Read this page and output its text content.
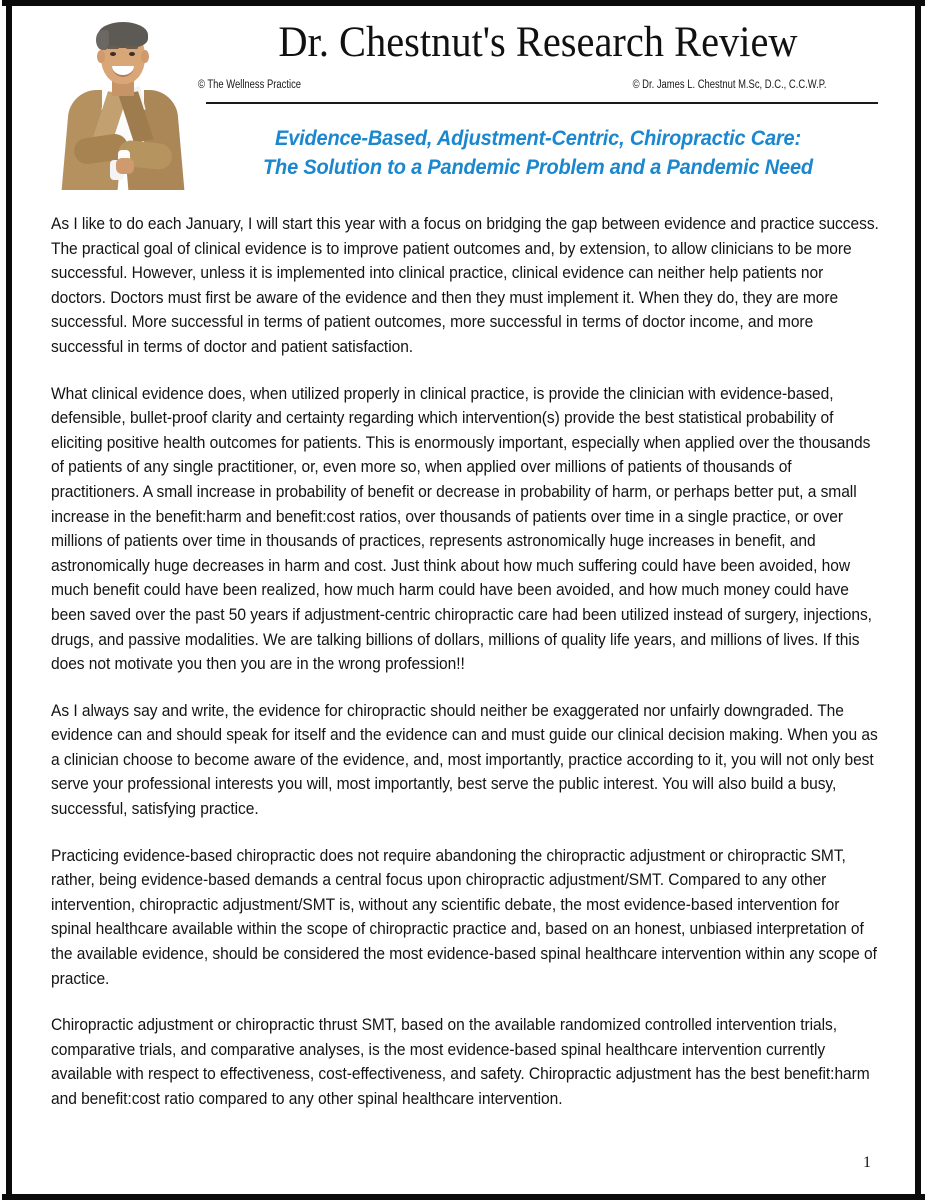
Dr. Chestnut's Research Review
© The Wellness Practice	© Dr. James L. Chestnut M.Sc, D.C., C.C.W.P.
Evidence-Based, Adjustment-Centric, Chiropractic Care:
The Solution to a Pandemic Problem and a Pandemic Need

As I like to do each January, I will start this year with a focus on bridging the gap between evidence and practice success. The practical goal of clinical evidence is to improve patient outcomes and, by extension, to allow clinicians to be more successful. However, unless it is implemented into clinical practice, clinical evidence can neither help patients nor doctors. Doctors must first be aware of the evidence and then they must implement it. When they do, they are more successful. More successful in terms of patient outcomes, more successful in terms of doctor income, and more successful in terms of doctor and patient satisfaction.

What clinical evidence does, when utilized properly in clinical practice, is provide the clinician with evidence-based, defensible, bullet-proof clarity and certainty regarding which intervention(s) provide the best statistical probability of eliciting positive health outcomes for patients. This is enormously important, especially when applied over the thousands of patients of any single practitioner, or, even more so, when applied over millions of patients of thousands of practitioners. A small increase in probability of benefit or decrease in probability of harm, or perhaps better put, a small increase in the benefit:harm and benefit:cost ratios, over thousands of patients over time in a single practice, or over millions of patients over time in thousands of practices, represents astronomically huge increases in benefit, and astronomically huge decreases in harm and cost. Just think about how much suffering could have been avoided, how much benefit could have been realized, how much harm could have been avoided, and how much money could have been saved over the past 50 years if adjustment-centric chiropractic care had been utilized instead of surgery, injections, drugs, and passive modalities. We are talking billions of dollars, millions of quality life years, and millions of lives. If this does not motivate you then you are in the wrong profession!!

As I always say and write, the evidence for chiropractic should neither be exaggerated nor unfairly downgraded. The evidence can and should speak for itself and the evidence can and must guide our clinical decision making. When you as a clinician choose to become aware of the evidence, and, most importantly, practice according to it, you will not only best serve your professional interests you will, most importantly, best serve the public interest. You will also build a busy, successful, satisfying practice.

Practicing evidence-based chiropractic does not require abandoning the chiropractic adjustment or chiropractic SMT, rather, being evidence-based demands a central focus upon chiropractic adjustment/SMT. Compared to any other intervention, chiropractic adjustment/SMT is, without any scientific debate, the most evidence-based intervention for spinal healthcare available within the scope of chiropractic practice and, based on an honest, unbiased interpretation of the available evidence, should be considered the most evidence-based spinal healthcare intervention within any scope of practice.

Chiropractic adjustment or chiropractic thrust SMT, based on the available randomized controlled intervention trials, comparative trials, and comparative analyses, is the most evidence-based spinal healthcare intervention currently available with respect to effectiveness, cost-effectiveness, and safety. Chiropractic adjustment has the best benefit:harm and benefit:cost ratio compared to any other spinal healthcare intervention.

1
